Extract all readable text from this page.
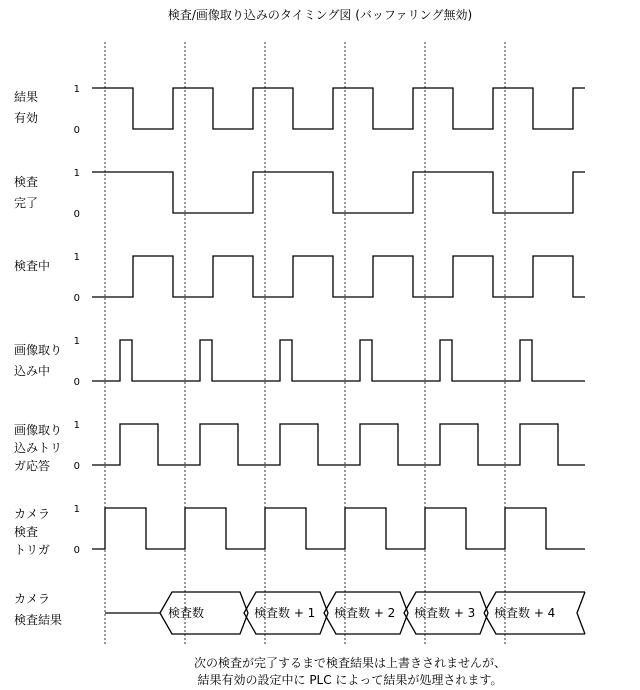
検査/画像取り込みのタイミング図 (バッファリング無効)
1
0
結果
有効
1
0
検査
完了
1
0
検査中
1
0
画像取り
込み中
1
0
画像取り
込みトリ
ガ応答
1
0
カメラ
検査
トリガ
検査数	検査数 + 1 検査数 + 2 検査数 + 3 検査数 + 4
カメラ
検査結果
次の検査が完了するまで検査結果は上書きされませんが、
結果有効の設定中に PLC によって結果が処理されます。
